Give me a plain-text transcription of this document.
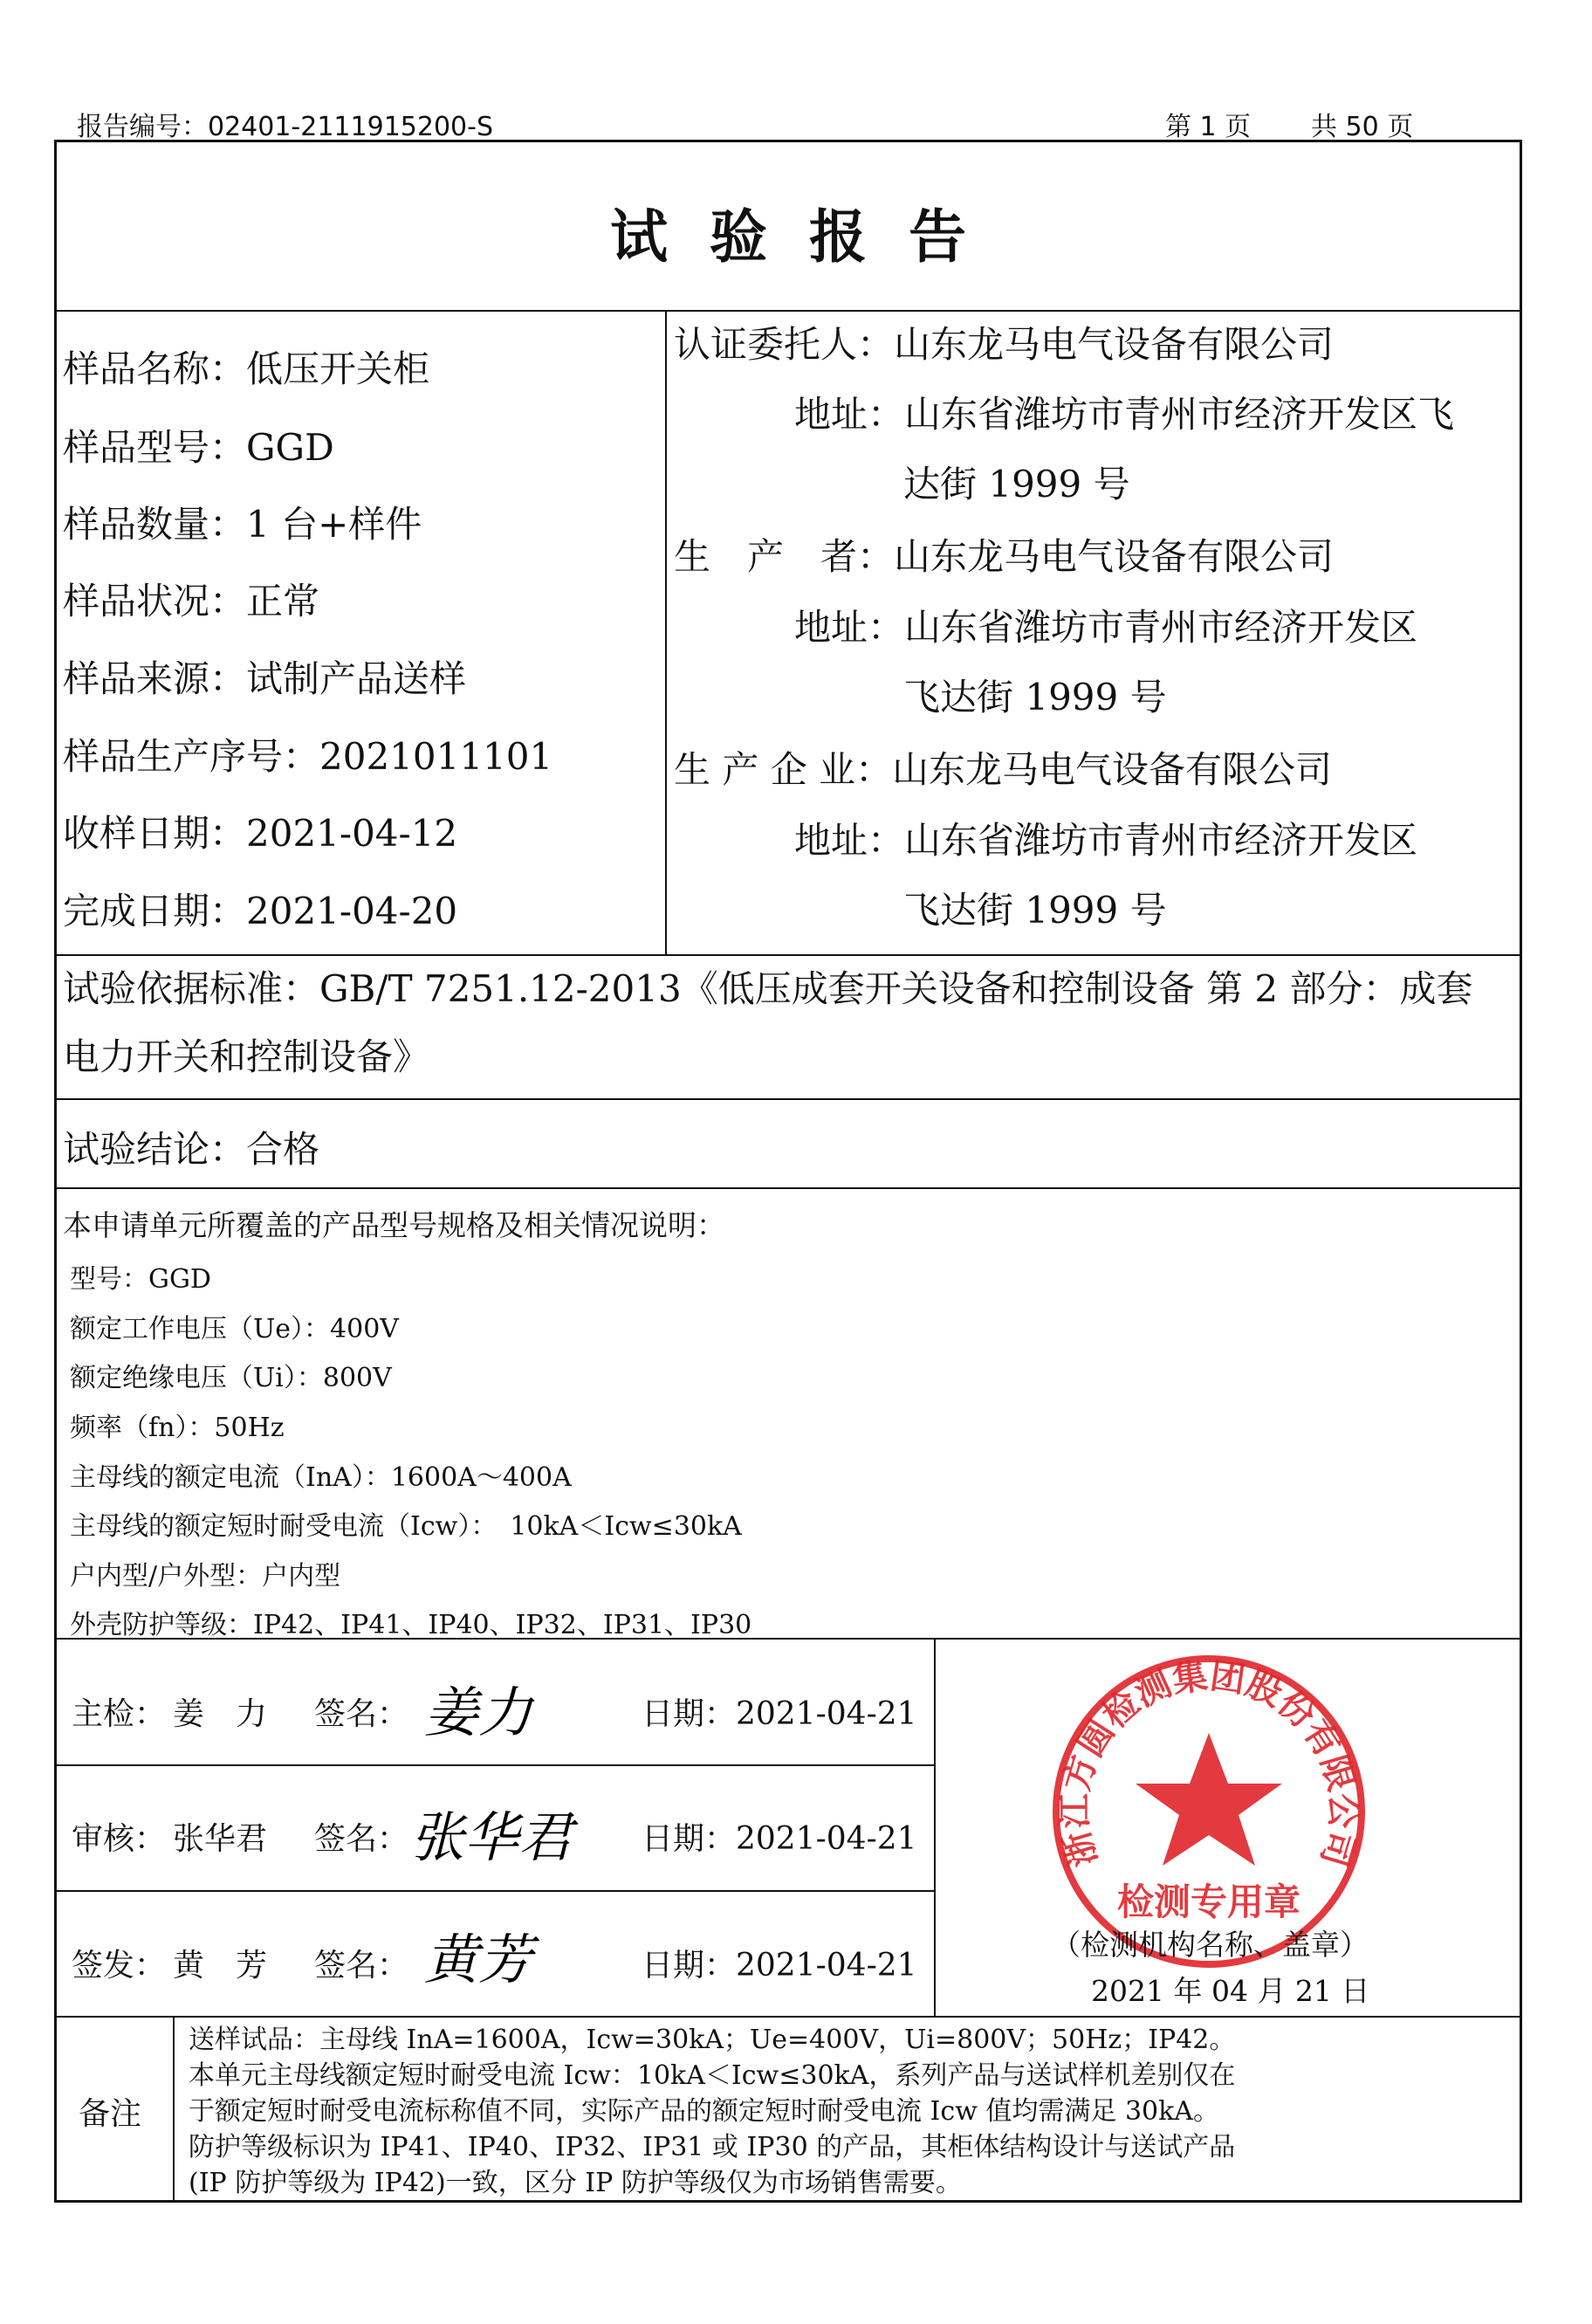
报告编号：02401-2111915200-S	第 1 页 共 50 页
试验报告
样品名称：低压开关柜
样品型号：GGD
样品数量：1 台+样件
样品状况：正常
样品来源：试制产品送样
样品生产序号：2021011101
收样日期：2021-04-12
完成日期：2021-04-20
认证委托人：山东龙马电气设备有限公司
地址：山东省潍坊市青州市经济开发区飞
达街 1999 号
生　产　者：山东龙马电气设备有限公司
地址：山东省潍坊市青州市经济开发区
飞达街 1999 号
生 产 企 业：山东龙马电气设备有限公司
地址：山东省潍坊市青州市经济开发区
飞达街 1999 号
试验依据标准：GB/T 7251.12-2013《低压成套开关设备和控制设备 第 2 部分：成套
电力开关和控制设备》
试验结论：合格
本申请单元所覆盖的产品型号规格及相关情况说明：
型号：GGD
额定工作电压（Ue）：400V
额定绝缘电压（Ui）：800V
频率（fn）：50Hz
主母线的额定电流（InA）：1600A～400A
主母线的额定短时耐受电流（Icw）：　10kA＜Icw≤30kA
户内型/户外型：户内型
外壳防护等级：IP42、IP41、IP40、IP32、IP31、IP30
主检： 姜　力 签名： 姜力	日期：2021-04-21
审核： 张华君 签名： 张华君 日期：2021-04-21
签发： 黄　芳 签名： 黄芳	日期：2021-04-21
浙江方圆检测集团股份有限公司
检测专用章
（检测机构名称、盖章）
2021 年 04 月 21 日
备注
送样试品：主母线 InA=1600A，Icw=30kA；Ue=400V，Ui=800V；50Hz；IP42。
本单元主母线额定短时耐受电流 Icw：10kA＜Icw≤30kA，系列产品与送试样机差别仅在
于额定短时耐受电流标称值不同，实际产品的额定短时耐受电流 Icw 值均需满足 30kA。
防护等级标识为 IP41、IP40、IP32、IP31 或 IP30 的产品，其柜体结构设计与送试产品
(IP 防护等级为 IP42)一致，区分 IP 防护等级仅为市场销售需要。
